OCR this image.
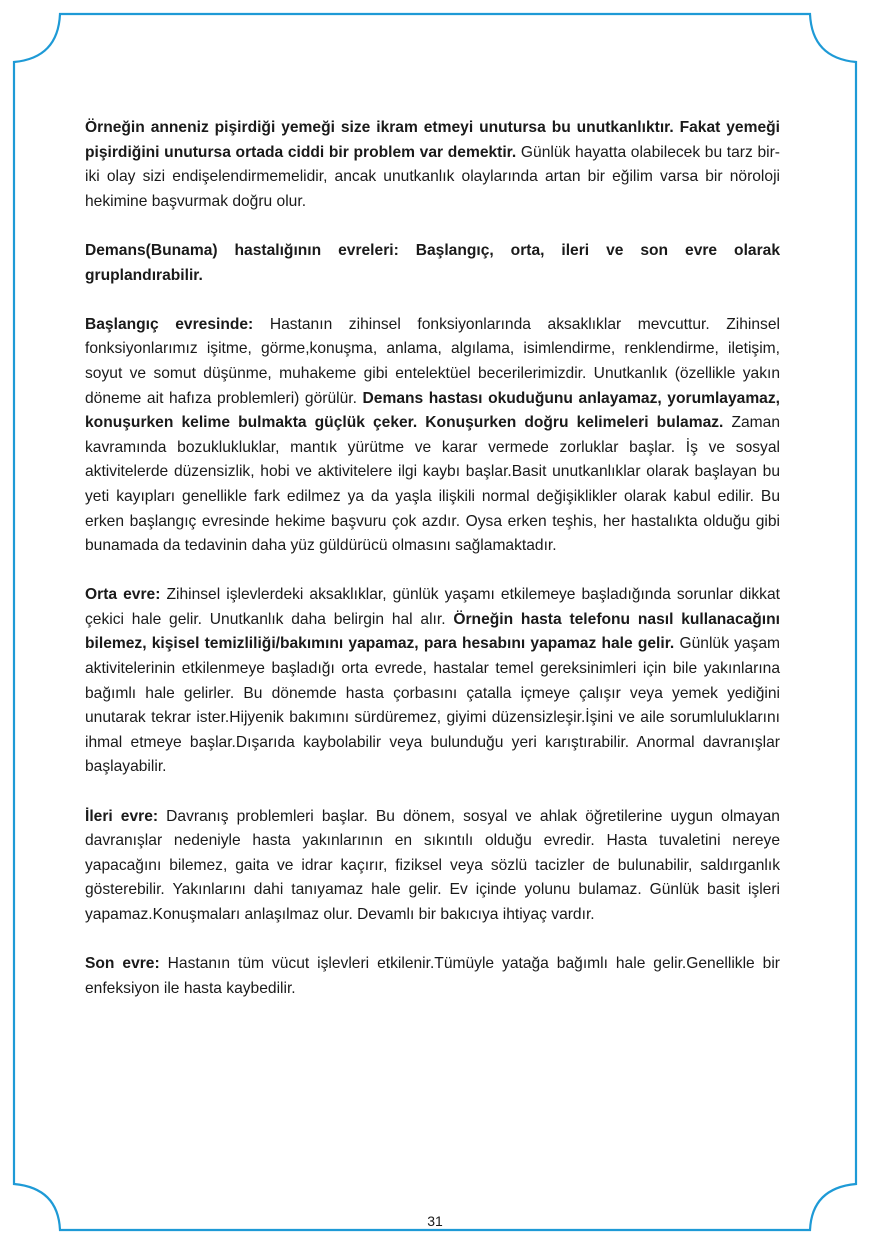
Örneğin anneniz pişirdiği yemeği size ikram etmeyi unutursa bu unutkanlıktır. Fakat yemeği pişirdiğini unutursa ortada ciddi bir problem var demektir. Günlük hayatta olabilecek bu tarz bir-iki olay sizi endişelendirmemelidir, ancak unutkanlık olaylarında artan bir eğilim varsa bir nöroloji hekimine başvurmak doğru olur.

Demans(Bunama) hastalığının evreleri: Başlangıç, orta, ileri ve son evre olarak gruplandırabilir.

Başlangıç evresinde: Hastanın zihinsel fonksiyonlarında aksaklıklar mevcuttur. Zihinsel fonksiyonlarımız işitme, görme,konuşma, anlama, algılama, isimlendirme, renklendirme, iletişim, soyut ve somut düşünme, muhakeme gibi entelektüel becerilerimizdir. Unutkanlık (özellikle yakın döneme ait hafıza problemleri) görülür. Demans hastası okuduğunu anlayamaz, yorumlayamaz, konuşurken kelime bulmakta güçlük çeker. Konuşurken doğru kelimeleri bulamaz. Zaman kavramında bozuklukluklar, mantık yürütme ve karar vermede zorluklar başlar. İş ve sosyal aktivitelerde düzensizlik, hobi ve aktivitelere ilgi kaybı başlar.Basit unutkanlıklar olarak başlayan bu yeti kayıpları genellikle fark edilmez ya da yaşla ilişkili normal değişiklikler olarak kabul edilir. Bu erken başlangıç evresinde hekime başvuru çok azdır. Oysa erken teşhis, her hastalıkta olduğu gibi bunamada da tedavinin daha yüz güldürücü olmasını sağlamaktadır.

Orta evre: Zihinsel işlevlerdeki aksaklıklar, günlük yaşamı etkilemeye başladığında sorunlar dikkat çekici hale gelir. Unutkanlık daha belirgin hal alır. Örneğin hasta telefonu nasıl kullanacağını bilemez, kişisel temizliliği/bakımını yapamaz, para hesabını yapamaz hale gelir. Günlük yaşam aktivitelerinin etkilenmeye başladığı orta evrede, hastalar temel gereksinimleri için bile yakınlarına bağımlı hale gelirler. Bu dönemde hasta çorbasını çatalla içmeye çalışır veya yemek yediğini unutarak tekrar ister.Hijyenik bakımını sürdüremez, giyimi düzensizleşir.İşini ve aile sorumluluklarını ihmal etmeye başlar.Dışarıda kaybolabilir veya bulunduğu yeri karıştırabilir. Anormal davranışlar başlayabilir.

İleri evre: Davranış problemleri başlar. Bu dönem, sosyal ve ahlak öğretilerine uygun olmayan davranışlar nedeniyle hasta yakınlarının en sıkıntılı olduğu evredir. Hasta tuvaletini nereye yapacağını bilemez, gaita ve idrar kaçırır, fiziksel veya sözlü tacizler de bulunabilir, saldırganlık gösterebilir. Yakınlarını dahi tanıyamaz hale gelir. Ev içinde yolunu bulamaz. Günlük basit işleri yapamaz.Konuşmaları anlaşılmaz olur. Devamlı bir bakıcıya ihtiyaç vardır.

Son evre: Hastanın tüm vücut işlevleri etkilenir.Tümüyle yatağa bağımlı hale gelir.Genellikle bir enfeksiyon ile hasta kaybedilir.

31
